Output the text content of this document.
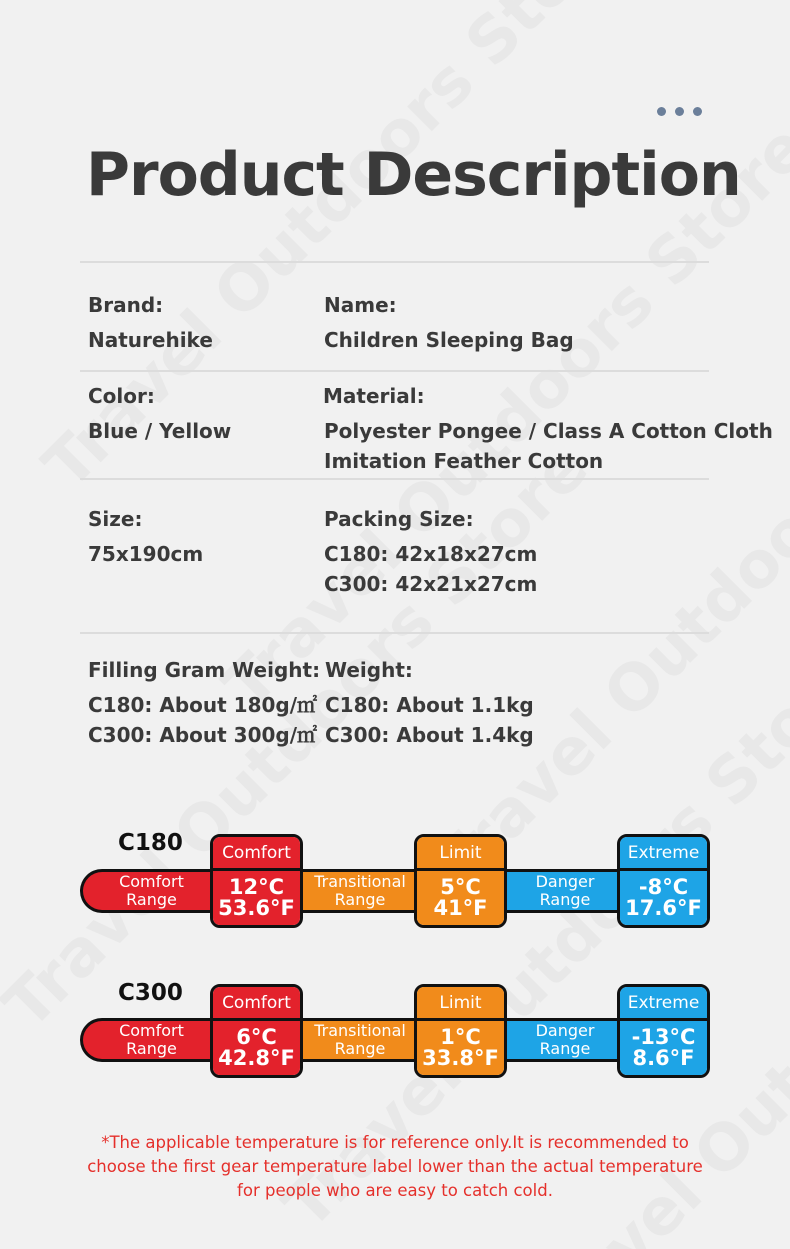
Product Description
Brand:
Naturehike
Name:
Children Sleeping Bag
Color:
Blue / Yellow
Material:
Polyester Pongee / Class A Cotton Cloth
Imitation Feather Cotton
Size:
75x190cm
Packing Size:
C180: 42x18x27cm
C300: 42x21x27cm
Filling Gram Weight:
C180: About 180g/㎡
C300: About 300g/㎡
Weight:
C180: About 1.1kg
C300: About 1.4kg
C180
Comfort
Range
Transitional
Range
Danger
Range
Comfort
12°C
53.6°F
Limit
5°C
41°F
Extreme
-8°C
17.6°F
C300
Comfort
Range
Transitional
Range
Danger
Range
Comfort
6°C
42.8°F
Limit
1°C
33.8°F
Extreme
-13°C
8.6°F
*The applicable temperature is for reference only.It is recommended to
choose the first gear temperature label lower than the actual temperature
for people who are easy to catch cold.
